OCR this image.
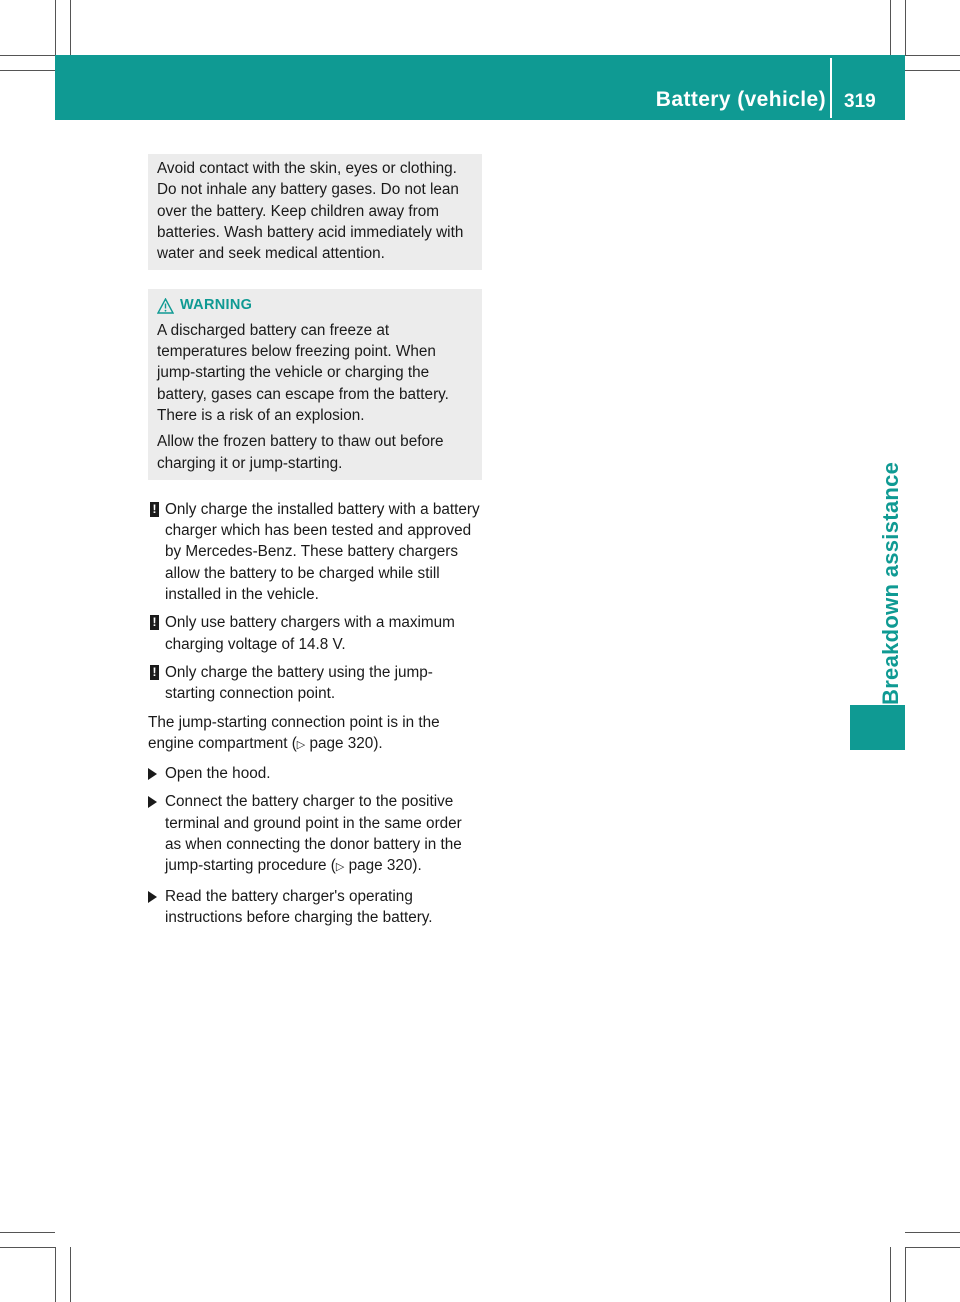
Battery (vehicle) 319
Breakdown assistance

Avoid contact with the skin, eyes or clothing. Do not inhale any battery gases. Do not lean over the battery. Keep children away from batteries. Wash battery acid immediately with water and seek medical attention.

WARNING

A discharged battery can freeze at temperatures below freezing point. When jump-starting the vehicle or charging the battery, gases can escape from the battery. There is a risk of an explosion.

Allow the frozen battery to thaw out before charging it or jump-starting.

! Only charge the installed battery with a battery charger which has been tested and approved by Mercedes-Benz. These battery chargers allow the battery to be charged while still installed in the vehicle.
! Only use battery chargers with a maximum charging voltage of 14.8 V.
! Only charge the battery using the jump-starting connection point.

The jump-starting connection point is in the engine compartment (▷ page 320).

Open the hood.
Connect the battery charger to the positive terminal and ground point in the same order as when connecting the donor battery in the jump-starting procedure (▷ page 320).
Read the battery charger's operating instructions before charging the battery.
